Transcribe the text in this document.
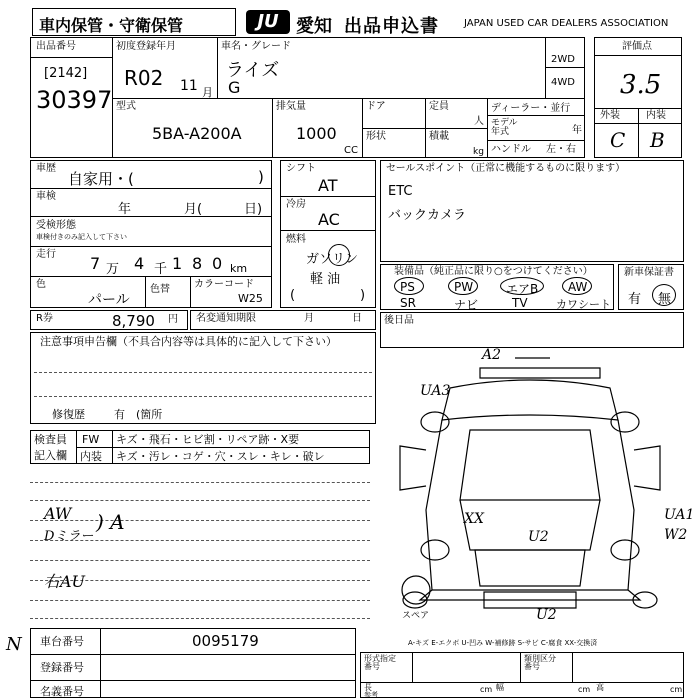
車内保管・守衛保管	JU 愛知 出品申込書	JAPAN USED CAR DEALERS ASSOCIATION
出品番号
[2142]
30397
初度登録年月
R02 11 月
車名・グレード
ライズ
G
2WD
4WD
型式
5BA-A200A
排気量
1000
CC
ドア	定員
人
形状	積載
kg
ディーラー・並行
モデル
年式	年
ハンドル 左・右
評価点
3.5
外装	内装
C B
車歴
自家用・(	)
車検
年	月(	日)
受検形態
車検付きのみ記入して下さい
走行 7 万 4 千 1 8 0 km
色
パール
色替 カラーコード
W25
シフト
AT
冷房
AC
燃料
ガソリン
軽 油
(	)
セールスポイント（正常に機能するものに限ります）
ETC
バックカメラ
装備品（純正品に限り○をつけてください）
PS	PW	エアB AW
SR	ナビ	TV	カワシート
新車保証書
有 無
R券	8,790 円 名変通知期限	月	日 後日品
注意事項申告欄（不具合内容等は具体的に記入して下さい）
修復歴	有 (箇所
検査員
記入欄
FW キズ・飛石・ヒビ割・リペア跡・X要
内装 キズ・汚レ・コゲ・穴・スレ・キレ・破レ
AW
Dミラー
) A
右AU
N
A2
UA3
XX
U2
UA1
W2
U2
スペア
A-キズ E-エクボ U-凹み W-補修跡 S-サビ C-腐食 XX-交換済
車台番号	0095179
登録番号
名義番号
形式指定
番号
類別区分
番号
長	cm 幅	cm 高	cm
参考
